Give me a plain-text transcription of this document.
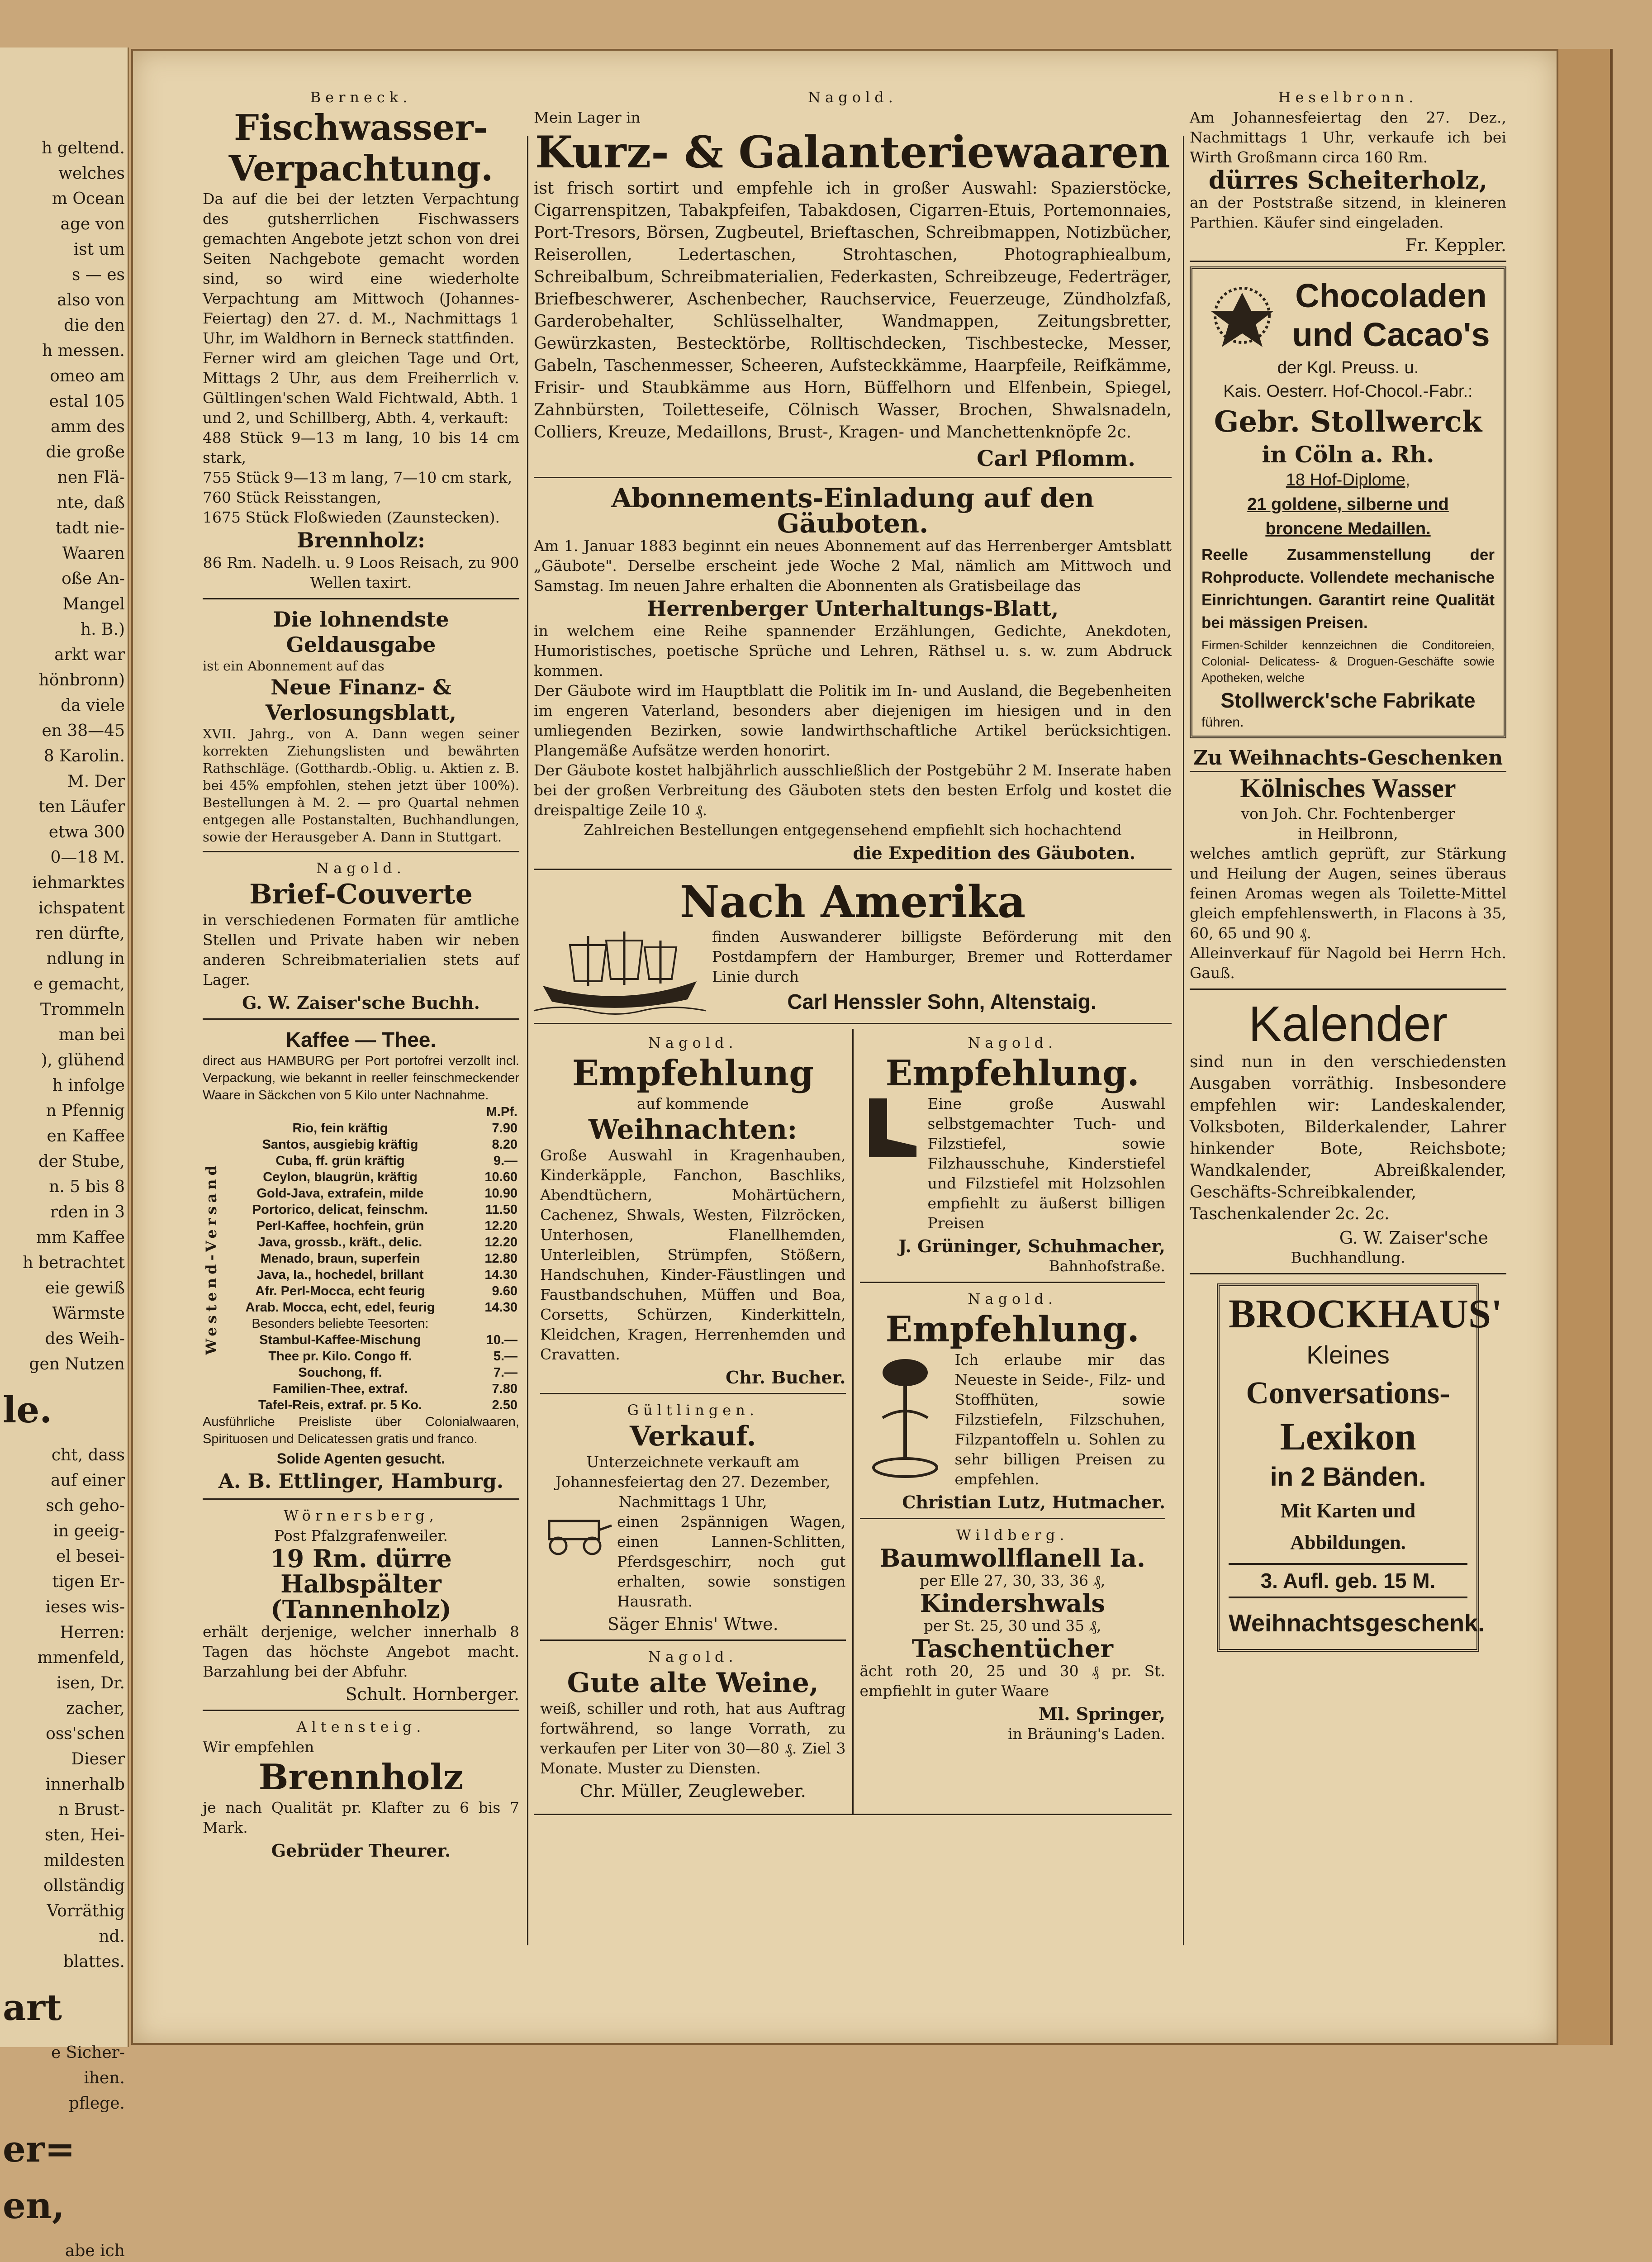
h geltend.

welches

m Ocean

age von

ist um

s — es

also von

die den

h messen.

omeo am

estal 105

amm des

die große

nen Flä-

nte, daß

tadt nie-

Waaren

oße An-

Mangel

h. B.)

arkt war

hönbronn)

da viele

en 38—45

8 Karolin.

M. Der

ten Läufer

etwa 300

0—18 M.

iehmarktes

ichspatent

ren dürfte,

ndlung in

e gemacht,

Trommeln

man bei

), glühend

h infolge

n Pfennig

en Kaffee

der Stube,

n. 5 bis 8

rden in 3

mm Kaffee

h betrachtet

eie gewiß

Wärmste

des Weih-

gen Nutzen

le.

cht, dass

auf einer

sch geho-

in geeig-

el besei-

tigen Er-

ieses wis-

Herren:

mmenfeld,

isen, Dr.

zacher,

oss'schen

Dieser

innerhalb

n Brust-

sten, Hei-

mildesten

ollständig

Vorräthig

nd.

blattes.

art

e Sicher-

ihen.

pflege.

er=

en,

abe ich

Berneck.
Fischwasser-
Verpachtung.
Da auf die bei der letzten Verpachtung des gutsherrlichen Fischwassers gemachten Angebote jetzt schon von drei Seiten Nachgebote gemacht worden sind, so wird eine wiederholte Verpachtung am Mittwoch (Johannes-Feiertag) den 27. d. M., Nachmittags 1 Uhr, im Waldhorn in Berneck stattfinden.
Ferner wird am gleichen Tage und Ort, Mittags 2 Uhr, aus dem Freiherrlich v. Gültlingen'schen Wald Fichtwald, Abth. 1 und 2, und Schillberg, Abth. 4, verkauft:
488 Stück 9—13 m lang, 10 bis 14 cm stark,
755 Stück 9—13 m lang, 7—10 cm stark,
760 Stück Reisstangen,
1675 Stück Floßwieden (Zaunstecken).
Brennholz:
86 Rm. Nadelh. u. 9 Loos Reisach, zu 900 Wellen taxirt.
Die lohnendste Geldausgabe
ist ein Abonnement auf das
Neue Finanz- & Verlosungsblatt,
XVII. Jahrg., von A. Dann wegen seiner korrekten Ziehungslisten und bewährten Rathschläge. (Gotthardb.-Oblig. u. Aktien z. B. bei 45% empfohlen, stehen jetzt über 100%). Bestellungen à M. 2. — pro Quartal nehmen entgegen alle Postanstalten, Buchhandlungen, sowie der Herausgeber A. Dann in Stuttgart.
Nagold.
Brief-Couverte
in verschiedenen Formaten für amtliche Stellen und Private haben wir neben anderen Schreibmaterialien stets auf Lager.
G. W. Zaiser'sche Buchh.
Kaffee — Thee.
direct aus HAMBURG per Port portofrei verzollt incl. Verpackung, wie bekannt in reeller feinschmeckender Waare in Säckchen von 5 Kilo unter Nachnahme.
Westend-Versand
	M.Pf.
Rio, fein kräftig	7.90
Santos, ausgiebig kräftig	8.20
Cuba, ff. grün kräftig	9.—
Ceylon, blaugrün, kräftig	10.60
Gold-Java, extrafein, milde	10.90
Portorico, delicat, feinschm.	11.50
Perl-Kaffee, hochfein, grün	12.20
Java, grossb., kräft., delic.	12.20
Menado, braun, superfein	12.80
Java, Ia., hochedel, brillant	14.30
Afr. Perl-Mocca, echt feurig	9.60
Arab. Mocca, echt, edel, feurig	14.30
Besonders beliebte Teesorten:	
Stambul-Kaffee-Mischung	10.—
Thee pr. Kilo. Congo ff.	5.—
Souchong, ff.	7.—
Familien-Thee, extraf.	7.80
Tafel-Reis, extraf. pr. 5 Ko.	2.50
Ausführliche Preisliste über Colonialwaaren, Spirituosen und Delicatessen gratis und franco.
Solide Agenten gesucht.
A. B. Ettlinger, Hamburg.
Wörnersberg,
Post Pfalzgrafenweiler.
19 Rm. dürre Halbspälter
(Tannenholz)
erhält derjenige, welcher innerhalb 8 Tagen das höchste Angebot macht. Barzahlung bei der Abfuhr.
Schult. Hornberger.
Altensteig.
Wir empfehlen
Brennholz
je nach Qualität pr. Klafter zu 6 bis 7 Mark.
Gebrüder Theurer.
Nagold.
Mein Lager in
Kurz- & Galanteriewaaren
ist frisch sortirt und empfehle ich in großer Auswahl: Spazierstöcke, Cigarrenspitzen, Tabakpfeifen, Tabakdosen, Cigarren-Etuis, Portemonnaies, Port-Tresors, Börsen, Zugbeutel, Brieftaschen, Schreibmappen, Notizbücher, Reiserollen, Ledertaschen, Strohtaschen, Photographiealbum, Schreibalbum, Schreibmaterialien, Federkasten, Schreibzeuge, Federträger, Briefbeschwerer, Aschenbecher, Rauchservice, Feuerzeuge, Zündholzfaß, Garderobehalter, Schlüsselhalter, Wandmappen, Zeitungsbretter, Gewürzkasten, Bestecktörbe, Rolltischdecken, Tischbestecke, Messer, Gabeln, Taschenmesser, Scheeren, Aufsteckkämme, Haarpfeile, Reifkämme, Frisir- und Staubkämme aus Horn, Büffelhorn und Elfenbein, Spiegel, Zahnbürsten, Toiletteseife, Cölnisch Wasser, Brochen, Shwalsnadeln, Colliers, Kreuze, Medaillons, Brust-, Kragen- und Manchettenknöpfe 2c.
Carl Pflomm.
Abonnements-Einladung auf den Gäuboten.
Am 1. Januar 1883 beginnt ein neues Abonnement auf das Herrenberger Amtsblatt „Gäubote". Derselbe erscheint jede Woche 2 Mal, nämlich am Mittwoch und Samstag. Im neuen Jahre erhalten die Abonnenten als Gratisbeilage das
Herrenberger Unterhaltungs-Blatt,
in welchem eine Reihe spannender Erzählungen, Gedichte, Anekdoten, Humoristisches, poetische Sprüche und Lehren, Räthsel u. s. w. zum Abdruck kommen.
Der Gäubote wird im Hauptblatt die Politik im In- und Ausland, die Begebenheiten im engeren Vaterland, besonders aber diejenigen im hiesigen und in den umliegenden Bezirken, sowie landwirthschaftliche Artikel berücksichtigen. Plangemäße Aufsätze werden honorirt.
Der Gäubote kostet halbjährlich ausschließlich der Postgebühr 2 M. Inserate haben bei der großen Verbreitung des Gäuboten stets den besten Erfolg und kostet die dreispaltige Zeile 10 ₰.
Zahlreichen Bestellungen entgegensehend empfiehlt sich hochachtend
die Expedition des Gäuboten.
Nach Amerika
finden Auswanderer billigste Beförderung mit den Postdampfern der Hamburger, Bremer und Rotterdamer Linie durch
Carl Henssler Sohn, Altenstaig.
Nagold.
Empfehlung
auf kommende
Weihnachten:
Große Auswahl in Kragenhauben, Kinderkäpple, Fanchon, Baschliks, Abendtüchern, Mohärtüchern, Cachenez, Shwals, Westen, Filzröcken, Unterhosen, Flanellhemden, Unterleiblen, Strümpfen, Stößern, Handschuhen, Kinder-Fäustlingen und Faustbandschuhen, Müffen und Boa, Corsetts, Schürzen, Kinderkitteln, Kleidchen, Kragen, Herrenhemden und Cravatten.
Chr. Bucher.
Gültlingen.
Verkauf.
Unterzeichnete verkauft am Johannesfeiertag den 27. Dezember, Nachmittags 1 Uhr,
einen 2spännigen Wagen, einen Lannen-Schlitten, Pferdsgeschirr, noch gut erhalten, sowie sonstigen Hausrath.
Säger Ehnis' Wtwe.
Nagold.
Gute alte Weine,
weiß, schiller und roth, hat aus Auftrag fortwährend, so lange Vorrath, zu verkaufen per Liter von 30—80 ₰. Ziel 3 Monate. Muster zu Diensten.
Chr. Müller, Zeugleweber.
Nagold.
Empfehlung.
Eine große Auswahl selbstgemachter Tuch- und Filzstiefel, sowie Filzhausschuhe, Kinderstiefel und Filzstiefel mit Holzsohlen empfiehlt zu äußerst billigen Preisen
J. Grüninger, Schuhmacher,
Bahnhofstraße.
Nagold.
Empfehlung.
Ich erlaube mir das Neueste in Seide-, Filz- und Stoffhüten, sowie Filzstiefeln, Filzschuhen, Filzpantoffeln u. Sohlen zu sehr billigen Preisen zu empfehlen.
Christian Lutz, Hutmacher.
Wildberg.
Baumwollflanell Ia.
per Elle 27, 30, 33, 36 ₰,
Kindershwals
per St. 25, 30 und 35 ₰,
Taschentücher
ächt roth 20, 25 und 30 ₰ pr. St. empfiehlt in guter Waare
Ml. Springer,
in Bräuning's Laden.
Heselbronn.
Am Johannesfeiertag den 27. Dez., Nachmittags 1 Uhr, verkaufe ich bei Wirth Großmann circa 160 Rm.
dürres Scheiterholz,
an der Poststraße sitzend, in kleineren Parthien. Käufer sind eingeladen.
Fr. Keppler.
Chocoladen
und Cacao's
der Kgl. Preuss. u.
Kais. Oesterr. Hof-Chocol.-Fabr.:
Gebr. Stollwerck
in Cöln a. Rh.
18 Hof-Diplome,
21 goldene, silberne und
broncene Medaillen.
Reelle Zusammenstellung der Rohproducte. Vollendete mechanische Einrichtungen. Garantirt reine Qualität bei mässigen Preisen.
Firmen-Schilder kennzeichnen die Conditoreien, Colonial- Delicatess- & Droguen-Geschäfte sowie Apotheken, welche
Stollwerck'sche Fabrikate
führen.
Zu Weihnachts-Geschenken
Kölnisches Wasser
von Joh. Chr. Fochtenberger
in Heilbronn,
welches amtlich geprüft, zur Stärkung und Heilung der Augen, seines überaus feinen Aromas wegen als Toilette-Mittel gleich empfehlenswerth, in Flacons à 35, 60, 65 und 90 ₰.
Alleinverkauf für Nagold bei Herrn Hch. Gauß.
Kalender
sind nun in den verschiedensten Ausgaben vorräthig. Insbesondere empfehlen wir: Landeskalender, Volksboten, Bilderkalender, Lahrer hinkender Bote, Reichsbote; Wandkalender, Abreißkalender, Geschäfts-Schreibkalender, Taschenkalender 2c. 2c.
G. W. Zaiser'sche
Buchhandlung.
BROCKHAUS'
Kleines
Conversations-
Lexikon
in 2 Bänden.
Mit Karten und Abbildungen.
3. Aufl. geb. 15 M.
Weihnachtsgeschenk.
